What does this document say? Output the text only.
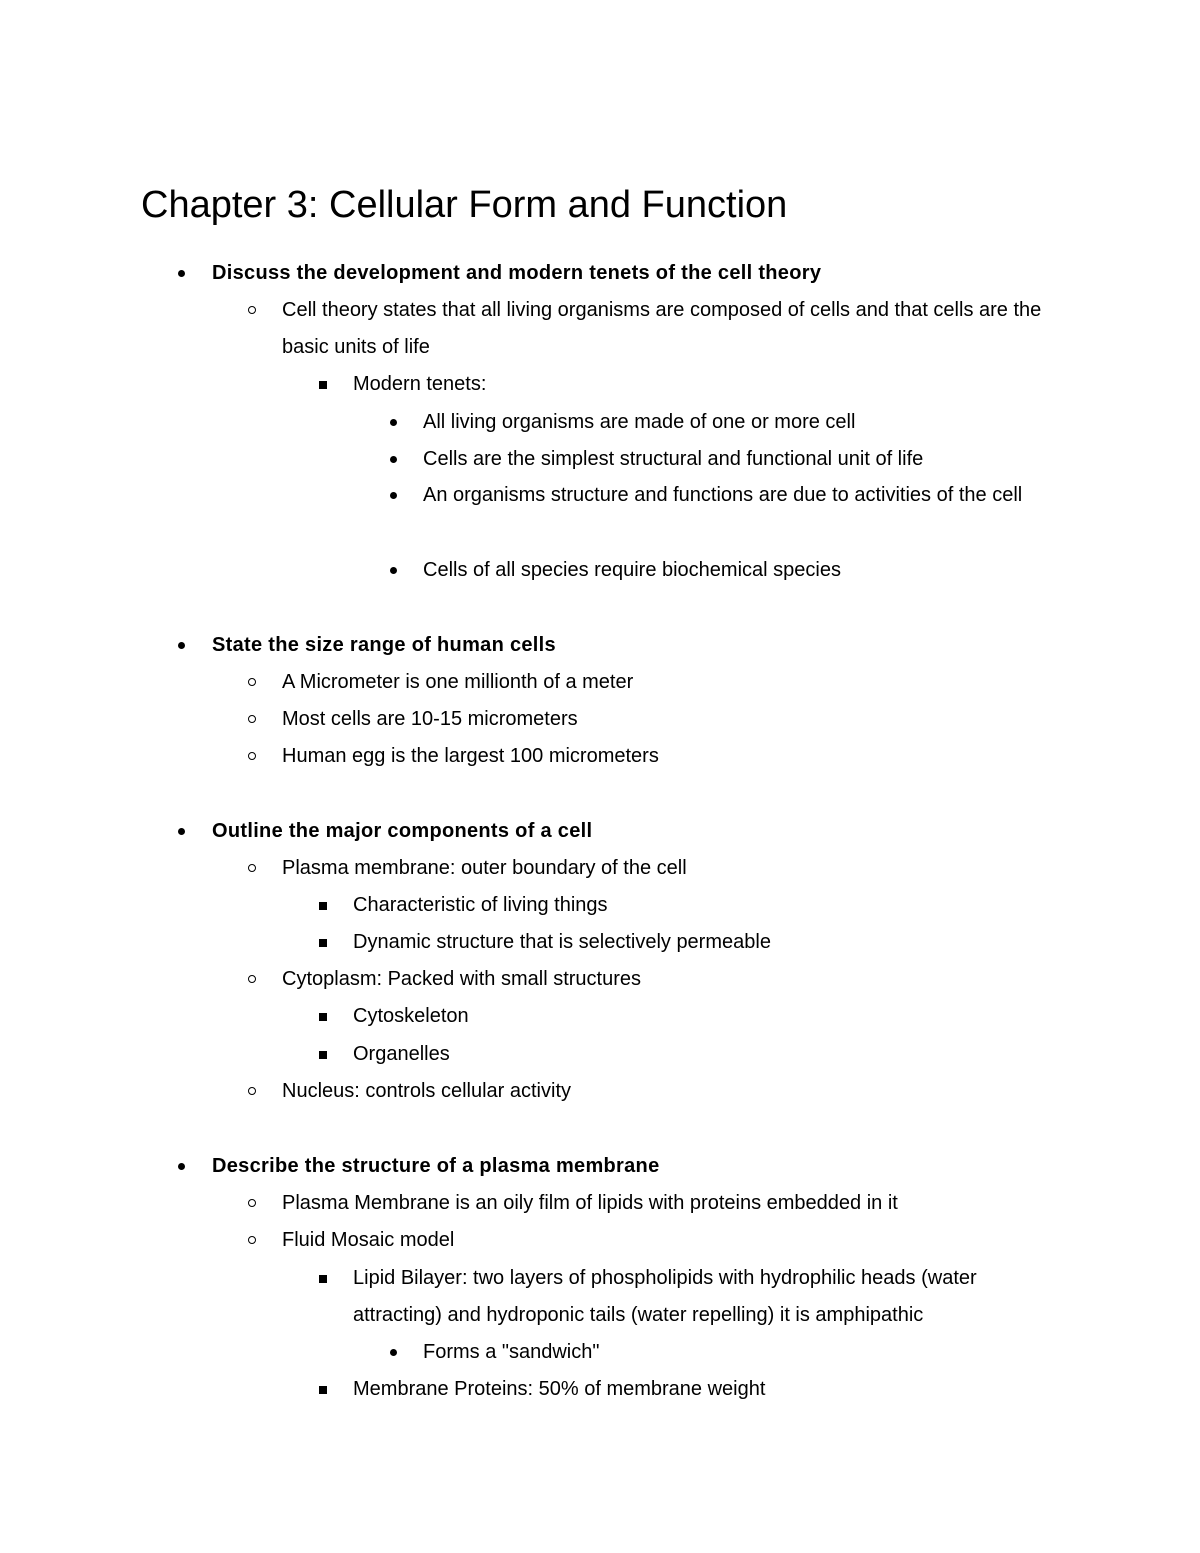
Chapter 3: Cellular Form and Function
Discuss the development and modern tenets of the cell theory
Cell theory states that all living organisms are composed of cells and that cells are the basic units of life
Modern tenets:
All living organisms are made of one or more cell
Cells are the simplest structural and functional unit of life
An organisms structure and functions are due to activities of the cell
Cells of all species require biochemical species
State the size range of human cells
A Micrometer is one millionth of a meter
Most cells are 10-15 micrometers
Human egg is the largest 100 micrometers
Outline the major components of a cell
Plasma membrane: outer boundary of the cell
Characteristic of living things
Dynamic structure that is selectively permeable
Cytoplasm: Packed with small structures
Cytoskeleton
Organelles
Nucleus: controls cellular activity
Describe the structure of a plasma membrane
Plasma Membrane is an oily film of lipids with proteins embedded in it
Fluid Mosaic model
Lipid Bilayer: two layers of phospholipids with hydrophilic heads (water attracting) and hydroponic tails (water repelling) it is amphipathic
Forms a "sandwich"
Membrane Proteins: 50% of membrane weight
